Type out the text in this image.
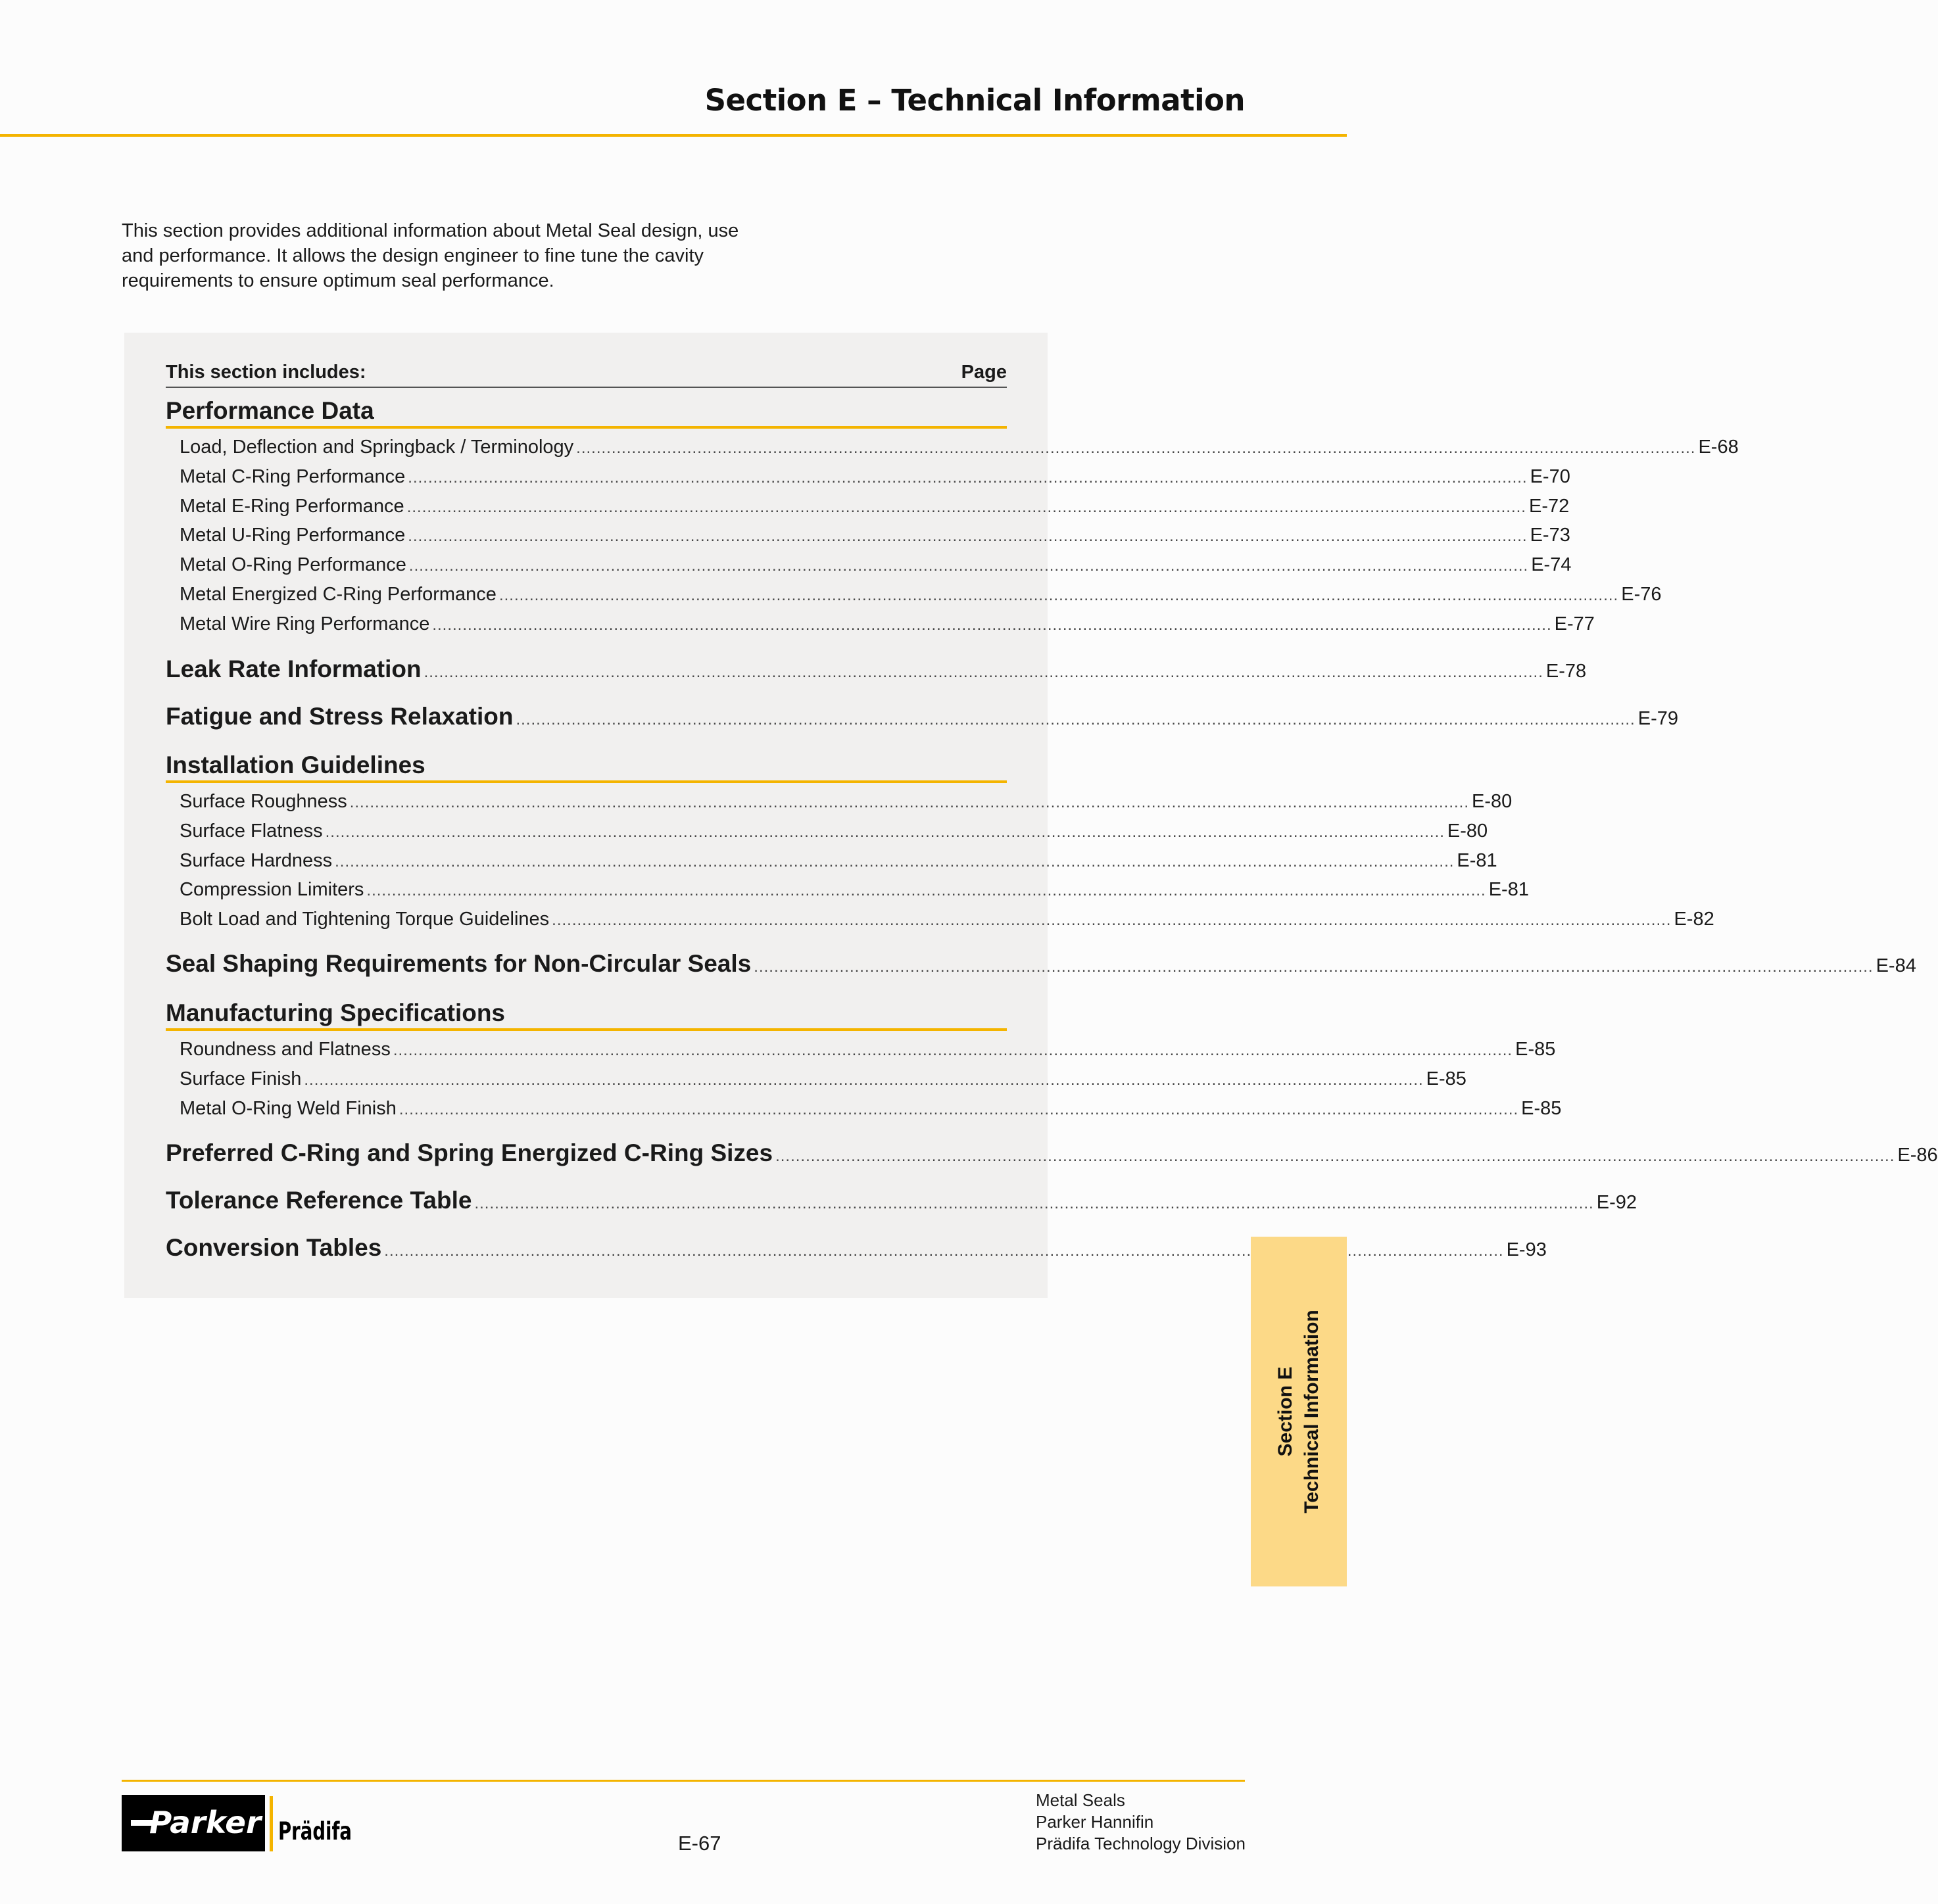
Section E – Technical Information
This section provides additional information about Metal Seal design, use and performance. It allows the design engineer to fine tune the cavity requirements to ensure optimum seal performance.
This section includes:	Page
Performance Data
Load, Deflection and Springback / Terminology .....	E-68
Metal C-Ring Performance .....	E-70
Metal E-Ring Performance .....	E-72
Metal U-Ring Performance .....	E-73
Metal O-Ring Performance .....	E-74
Metal Energized C-Ring Performance .....	E-76
Metal Wire Ring Performance .....	E-77
Leak Rate Information .....	E-78
Fatigue and Stress Relaxation .....	E-79
Installation Guidelines
Surface Roughness .....	E-80
Surface Flatness .....	E-80
Surface Hardness .....	E-81
Compression Limiters .....	E-81
Bolt Load and Tightening Torque Guidelines .....	E-82
Seal Shaping Requirements for Non-Circular Seals .....	E-84
Manufacturing Specifications
Roundness and Flatness .....	E-85
Surface Finish .....	E-85
Metal O-Ring Weld Finish .....	E-85
Preferred C-Ring and Spring Energized C-Ring Sizes .....	E-86
Tolerance Reference Table .....	E-92
Conversion Tables .....	E-93
Section E Technical Information
Parker Prädifa	E-67
Metal Seals
Parker Hannifin
Prädifa Technology Division
